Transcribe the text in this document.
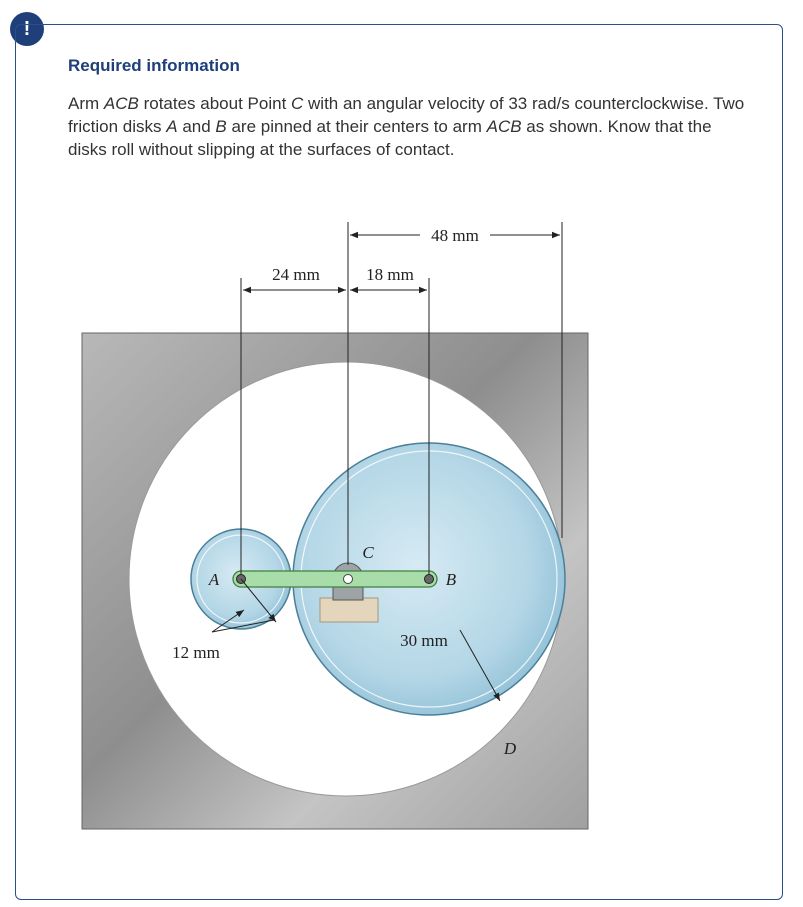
!
Required information
Arm ACB rotates about Point C with an angular velocity of 33 rad/s counterclockwise. Two friction disks A and B are pinned at their centers to arm ACB as shown. Know that the disks roll without slipping at the surfaces of contact.
48 mm
24 mm	18 mm
12 mm
30 mm
A	B
C
D
